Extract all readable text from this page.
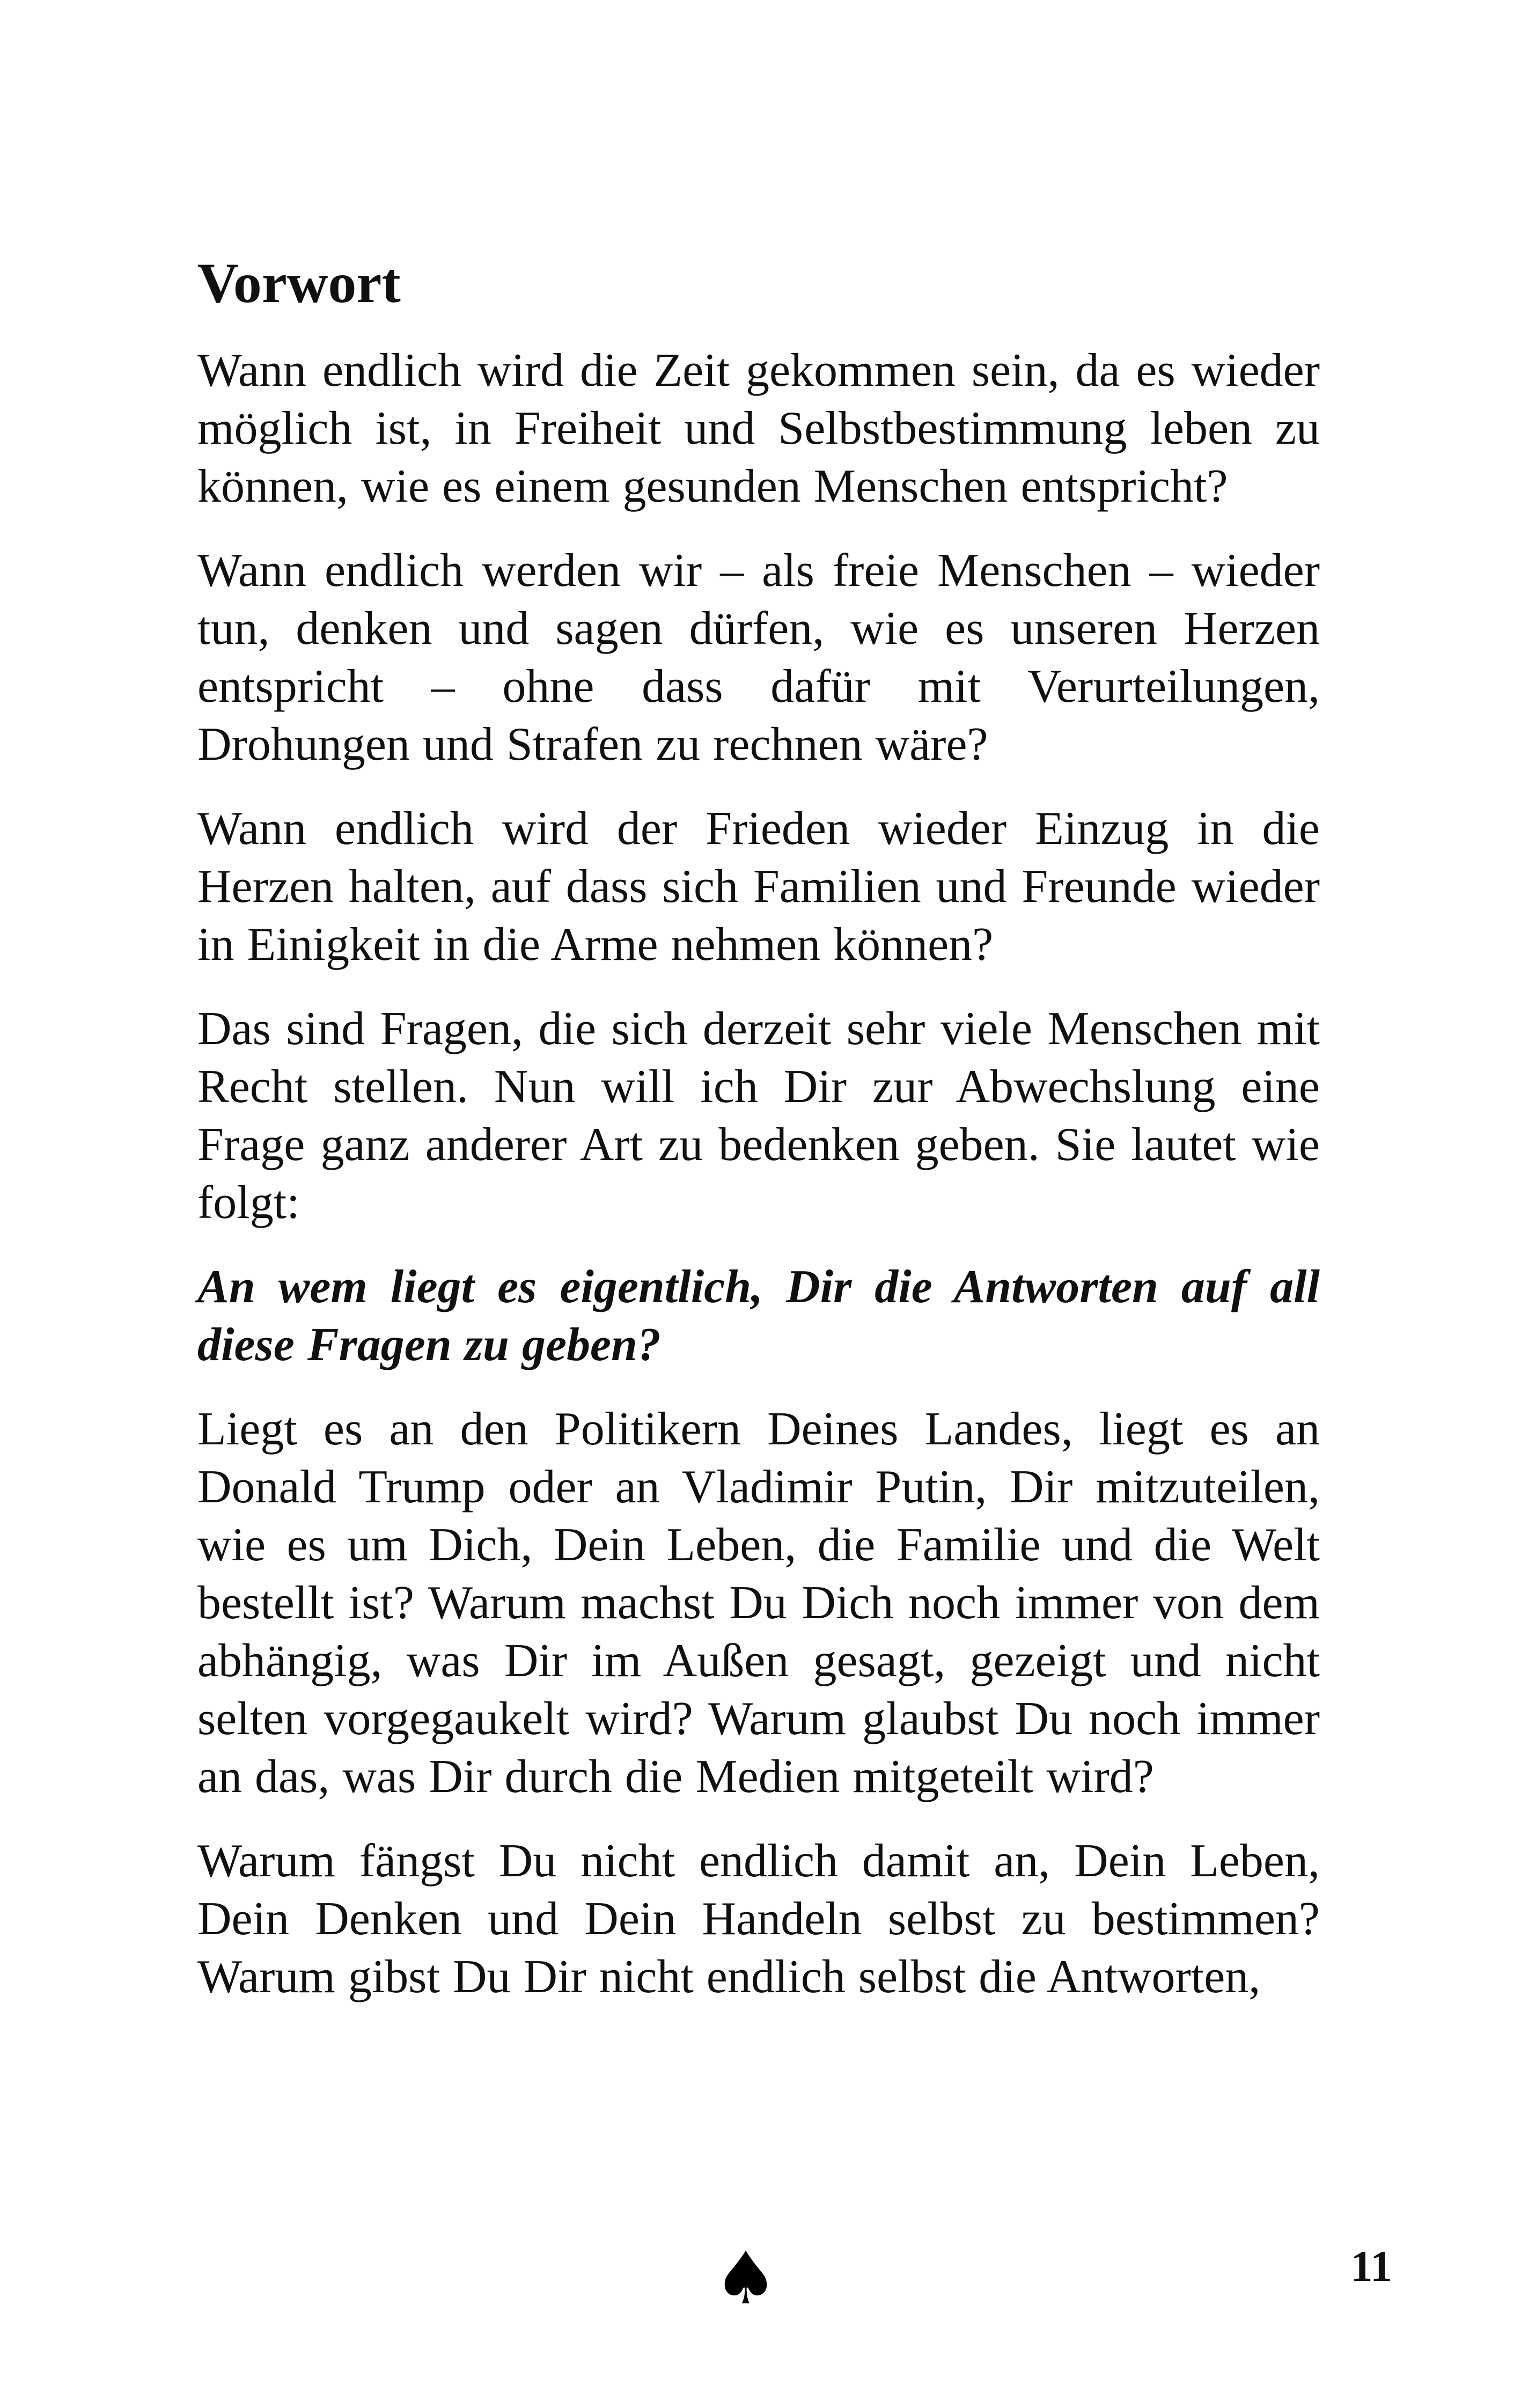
Vorwort

Wann endlich wird die Zeit gekommen sein, da es wieder möglich ist, in Freiheit und Selbstbestimmung leben zu können, wie es einem gesunden Menschen entspricht?

Wann endlich werden wir – als freie Menschen – wieder tun, denken und sagen dürfen, wie es unseren Herzen entspricht – ohne dass dafür mit Verurteilungen, Drohungen und Strafen zu rechnen wäre?

Wann endlich wird der Frieden wieder Einzug in die Herzen halten, auf dass sich Familien und Freunde wieder in Einigkeit in die Arme nehmen können?

Das sind Fragen, die sich derzeit sehr viele Menschen mit Recht stellen. Nun will ich Dir zur Abwechslung eine Frage ganz anderer Art zu bedenken geben. Sie lautet wie folgt:

An wem liegt es eigentlich, Dir die Antworten auf all diese Fragen zu geben?

Liegt es an den Politikern Deines Landes, liegt es an Donald Trump oder an Vladimir Putin, Dir mitzuteilen, wie es um Dich, Dein Leben, die Familie und die Welt bestellt ist? Warum machst Du Dich noch immer von dem abhängig, was Dir im Außen gesagt, gezeigt und nicht selten vorgegaukelt wird? Warum glaubst Du noch immer an das, was Dir durch die Medien mitgeteilt wird?

Warum fängst Du nicht endlich damit an, Dein Leben, Dein Denken und Dein Handeln selbst zu bestimmen? Warum gibst Du Dir nicht endlich selbst die Antworten,

♠	11
